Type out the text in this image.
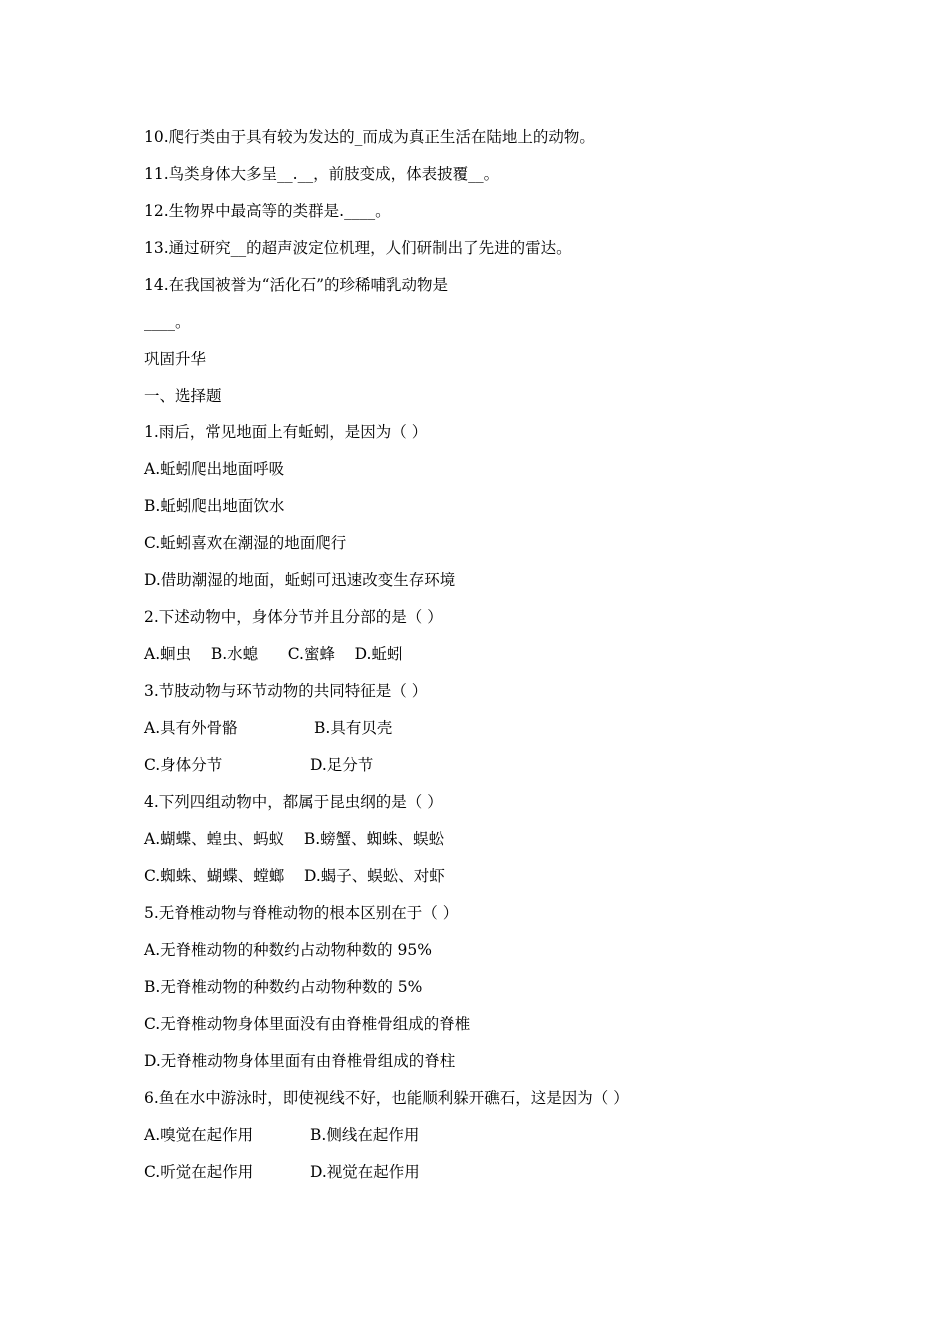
10.爬行类由于具有较为发达的_而成为真正生活在陆地上的动物。
11.鸟类身体大多呈__.__，前肢变成，体表披覆__。
12.生物界中最高等的类群是.____。
13.通过研究__的超声波定位机理，人们研制出了先进的雷达。
14.在我国被誉为“活化石”的珍稀哺乳动物是
____。
巩固升华
一、选择题
1.雨后，常见地面上有蚯蚓，是因为（ ）
A.蚯蚓爬出地面呼吸
B.蚯蚓爬出地面饮水
C.蚯蚓喜欢在潮湿的地面爬行
D.借助潮湿的地面，蚯蚓可迅速改变生存环境
2.下述动物中，身体分节并且分部的是（ ）
A.蛔虫    B.水螅      C.蜜蜂    D.蚯蚓
3.节肢动物与环节动物的共同特征是（ ）
A.具有外骨骼	B.具有贝壳
C.身体分节	D.足分节
4.下列四组动物中，都属于昆虫纲的是（ ）
A.蝴蝶、蝗虫、蚂蚁    B.螃蟹、蜘蛛、蜈蚣
C.蜘蛛、蝴蝶、螳螂    D.蝎子、蜈蚣、对虾
5.无脊椎动物与脊椎动物的根本区别在于（ ）
A.无脊椎动物的种数约占动物种数的 95%
B.无脊椎动物的种数约占动物种数的 5%
C.无脊椎动物身体里面没有由脊椎骨组成的脊椎
D.无脊椎动物身体里面有由脊椎骨组成的脊柱
6.鱼在水中游泳时，即使视线不好，也能顺利躲开礁石，这是因为（ ）
A.嗅觉在起作用	B.侧线在起作用
C.听觉在起作用	D.视觉在起作用
